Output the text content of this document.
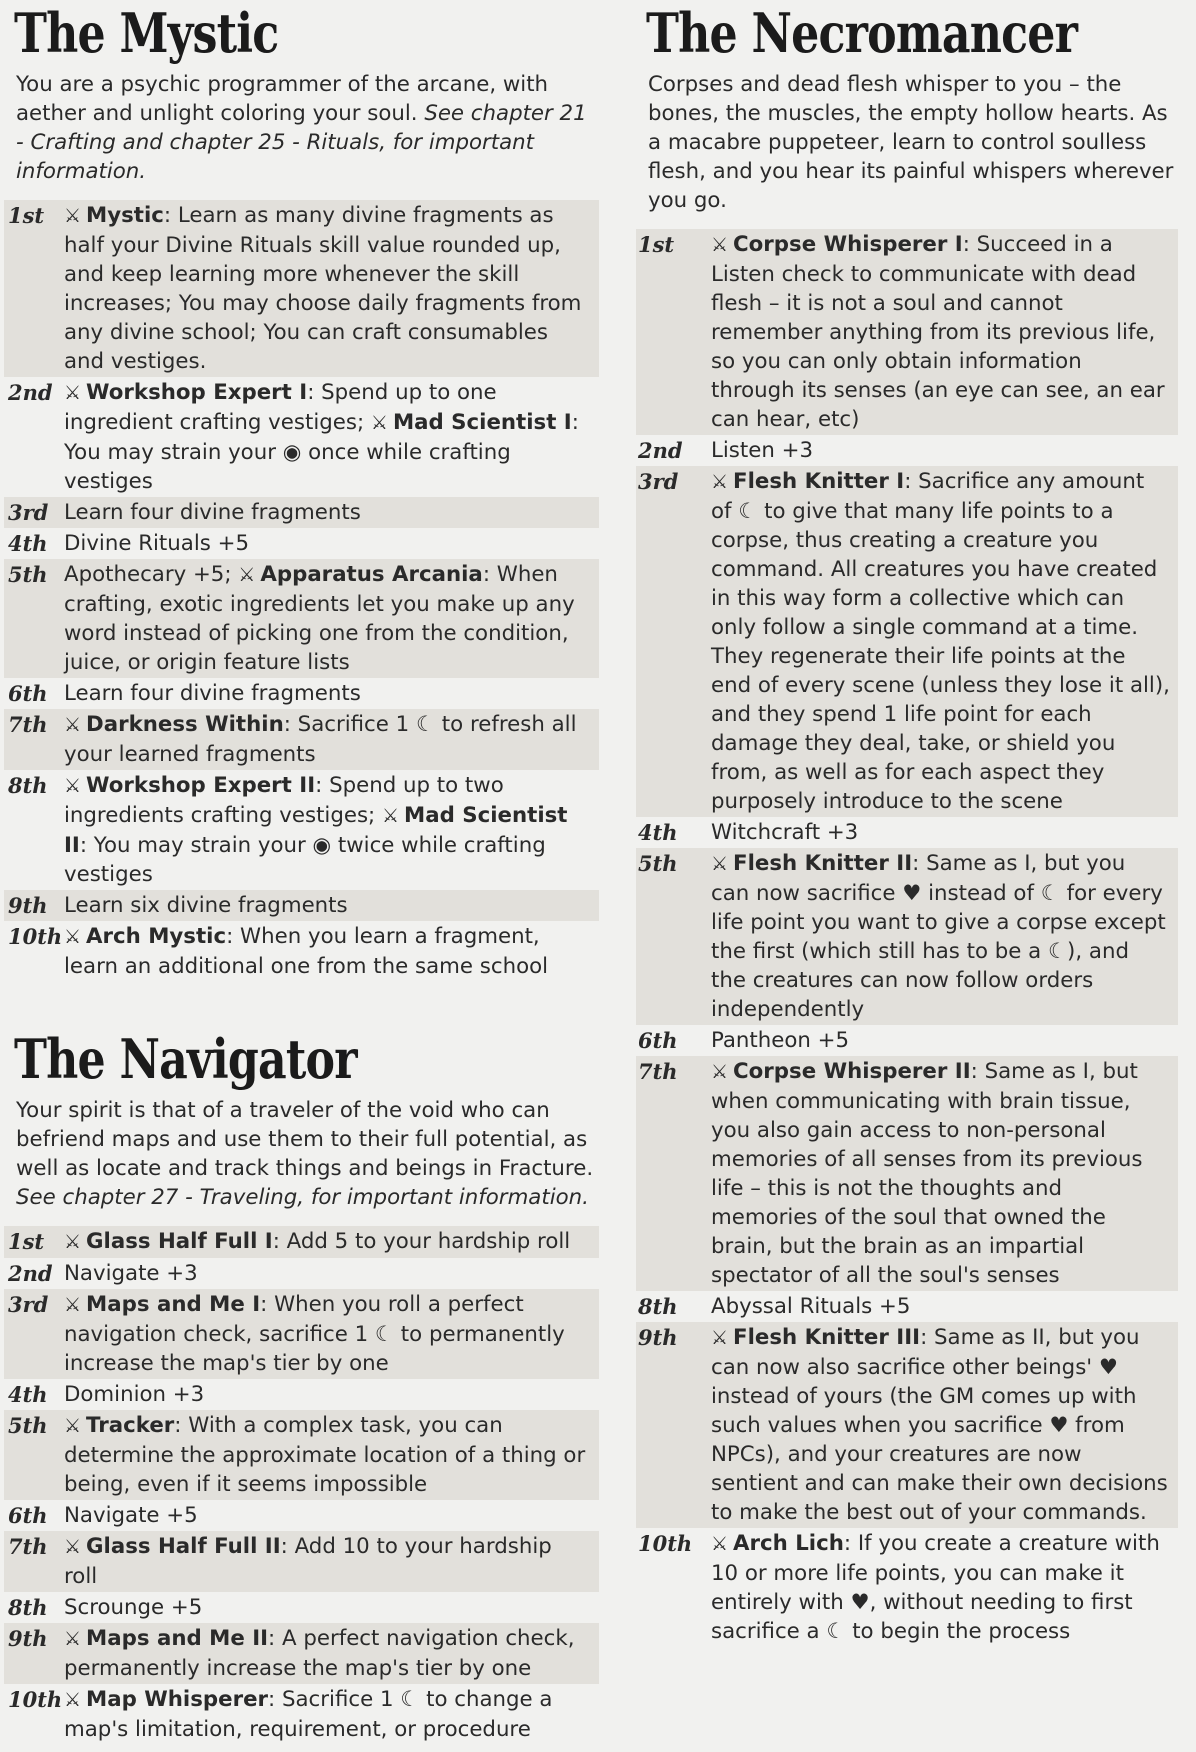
The Mystic

You are a psychic programmer of the arcane, with aether and unlight coloring your soul. See chapter 21 - Crafting and chapter 25 - Rituals, for important information.

1st	⚔ Mystic: Learn as many divine fragments as half your Divine Rituals skill value rounded up, and keep learning more whenever the skill increases; You may choose daily fragments from any divine school; You can craft consumables and vestiges.
2nd ⚔ Workshop Expert I: Spend up to one ingredient crafting vestiges; ⚔ Mad Scientist I: You may strain your ◉ once while crafting vestiges
3rd Learn four divine fragments
4th Divine Rituals +5
5th Apothecary +5; ⚔ Apparatus Arcania: When crafting, exotic ingredients let you make up any word instead of picking one from the condition, juice, or origin feature lists
6th Learn four divine fragments
7th ⚔ Darkness Within: Sacrifice 1 ☾ to refresh all your learned fragments
8th ⚔ Workshop Expert II: Spend up to two ingredients crafting vestiges; ⚔ Mad Scientist II: You may strain your ◉ twice while crafting vestiges
9th Learn six divine fragments
10th ⚔ Arch Mystic: When you learn a fragment, learn an additional one from the same school
The Navigator

Your spirit is that of a traveler of the void who can befriend maps and use them to their full potential, as well as locate and track things and beings in Fracture. See chapter 27 - Traveling, for important information.

1st	⚔ Glass Half Full I: Add 5 to your hardship roll
2nd Navigate +3
3rd ⚔ Maps and Me I: When you roll a perfect navigation check, sacrifice 1 ☾ to permanently increase the map's tier by one
4th Dominion +3
5th ⚔ Tracker: With a complex task, you can determine the approximate location of a thing or being, even if it seems impossible
6th Navigate +5
7th ⚔ Glass Half Full II: Add 10 to your hardship roll
8th Scrounge +5
9th ⚔ Maps and Me II: A perfect navigation check, permanently increase the map's tier by one
10th ⚔ Map Whisperer: Sacrifice 1 ☾ to change a map's limitation, requirement, or procedure
The Necromancer

Corpses and dead flesh whisper to you – the bones, the muscles, the empty hollow hearts. As a macabre puppeteer, learn to control soulless flesh, and you hear its painful whispers wherever you go.

1st	⚔ Corpse Whisperer I: Succeed in a Listen check to communicate with dead flesh – it is not a soul and cannot remember anything from its previous life, so you can only obtain information through its senses (an eye can see, an ear can hear, etc)
2nd	Listen +3
3rd	⚔ Flesh Knitter I: Sacrifice any amount of ☾ to give that many life points to a corpse, thus creating a creature you command. All creatures you have created in this way form a collective which can only follow a single command at a time. They regenerate their life points at the end of every scene (unless they lose it all), and they spend 1 life point for each damage they deal, take, or shield you from, as well as for each aspect they purposely introduce to the scene
4th	Witchcraft +3
5th	⚔ Flesh Knitter II: Same as I, but you can now sacrifice ♥ instead of ☾ for every life point you want to give a corpse except the first (which still has to be a ☾), and the creatures can now follow orders independently
6th	Pantheon +5
7th	⚔ Corpse Whisperer II: Same as I, but when communicating with brain tissue, you also gain access to non-personal memories of all senses from its previous life – this is not the thoughts and memories of the soul that owned the brain, but the brain as an impartial spectator of all the soul's senses
8th	Abyssal Rituals +5
9th	⚔ Flesh Knitter III: Same as II, but you can now also sacrifice other beings' ♥ instead of yours (the GM comes up with such values when you sacrifice ♥ from NPCs), and your creatures are now sentient and can make their own decisions to make the best out of your commands.
10th ⚔ Arch Lich: If you create a creature with 10 or more life points, you can make it entirely with ♥, without needing to first sacrifice a ☾ to begin the process
